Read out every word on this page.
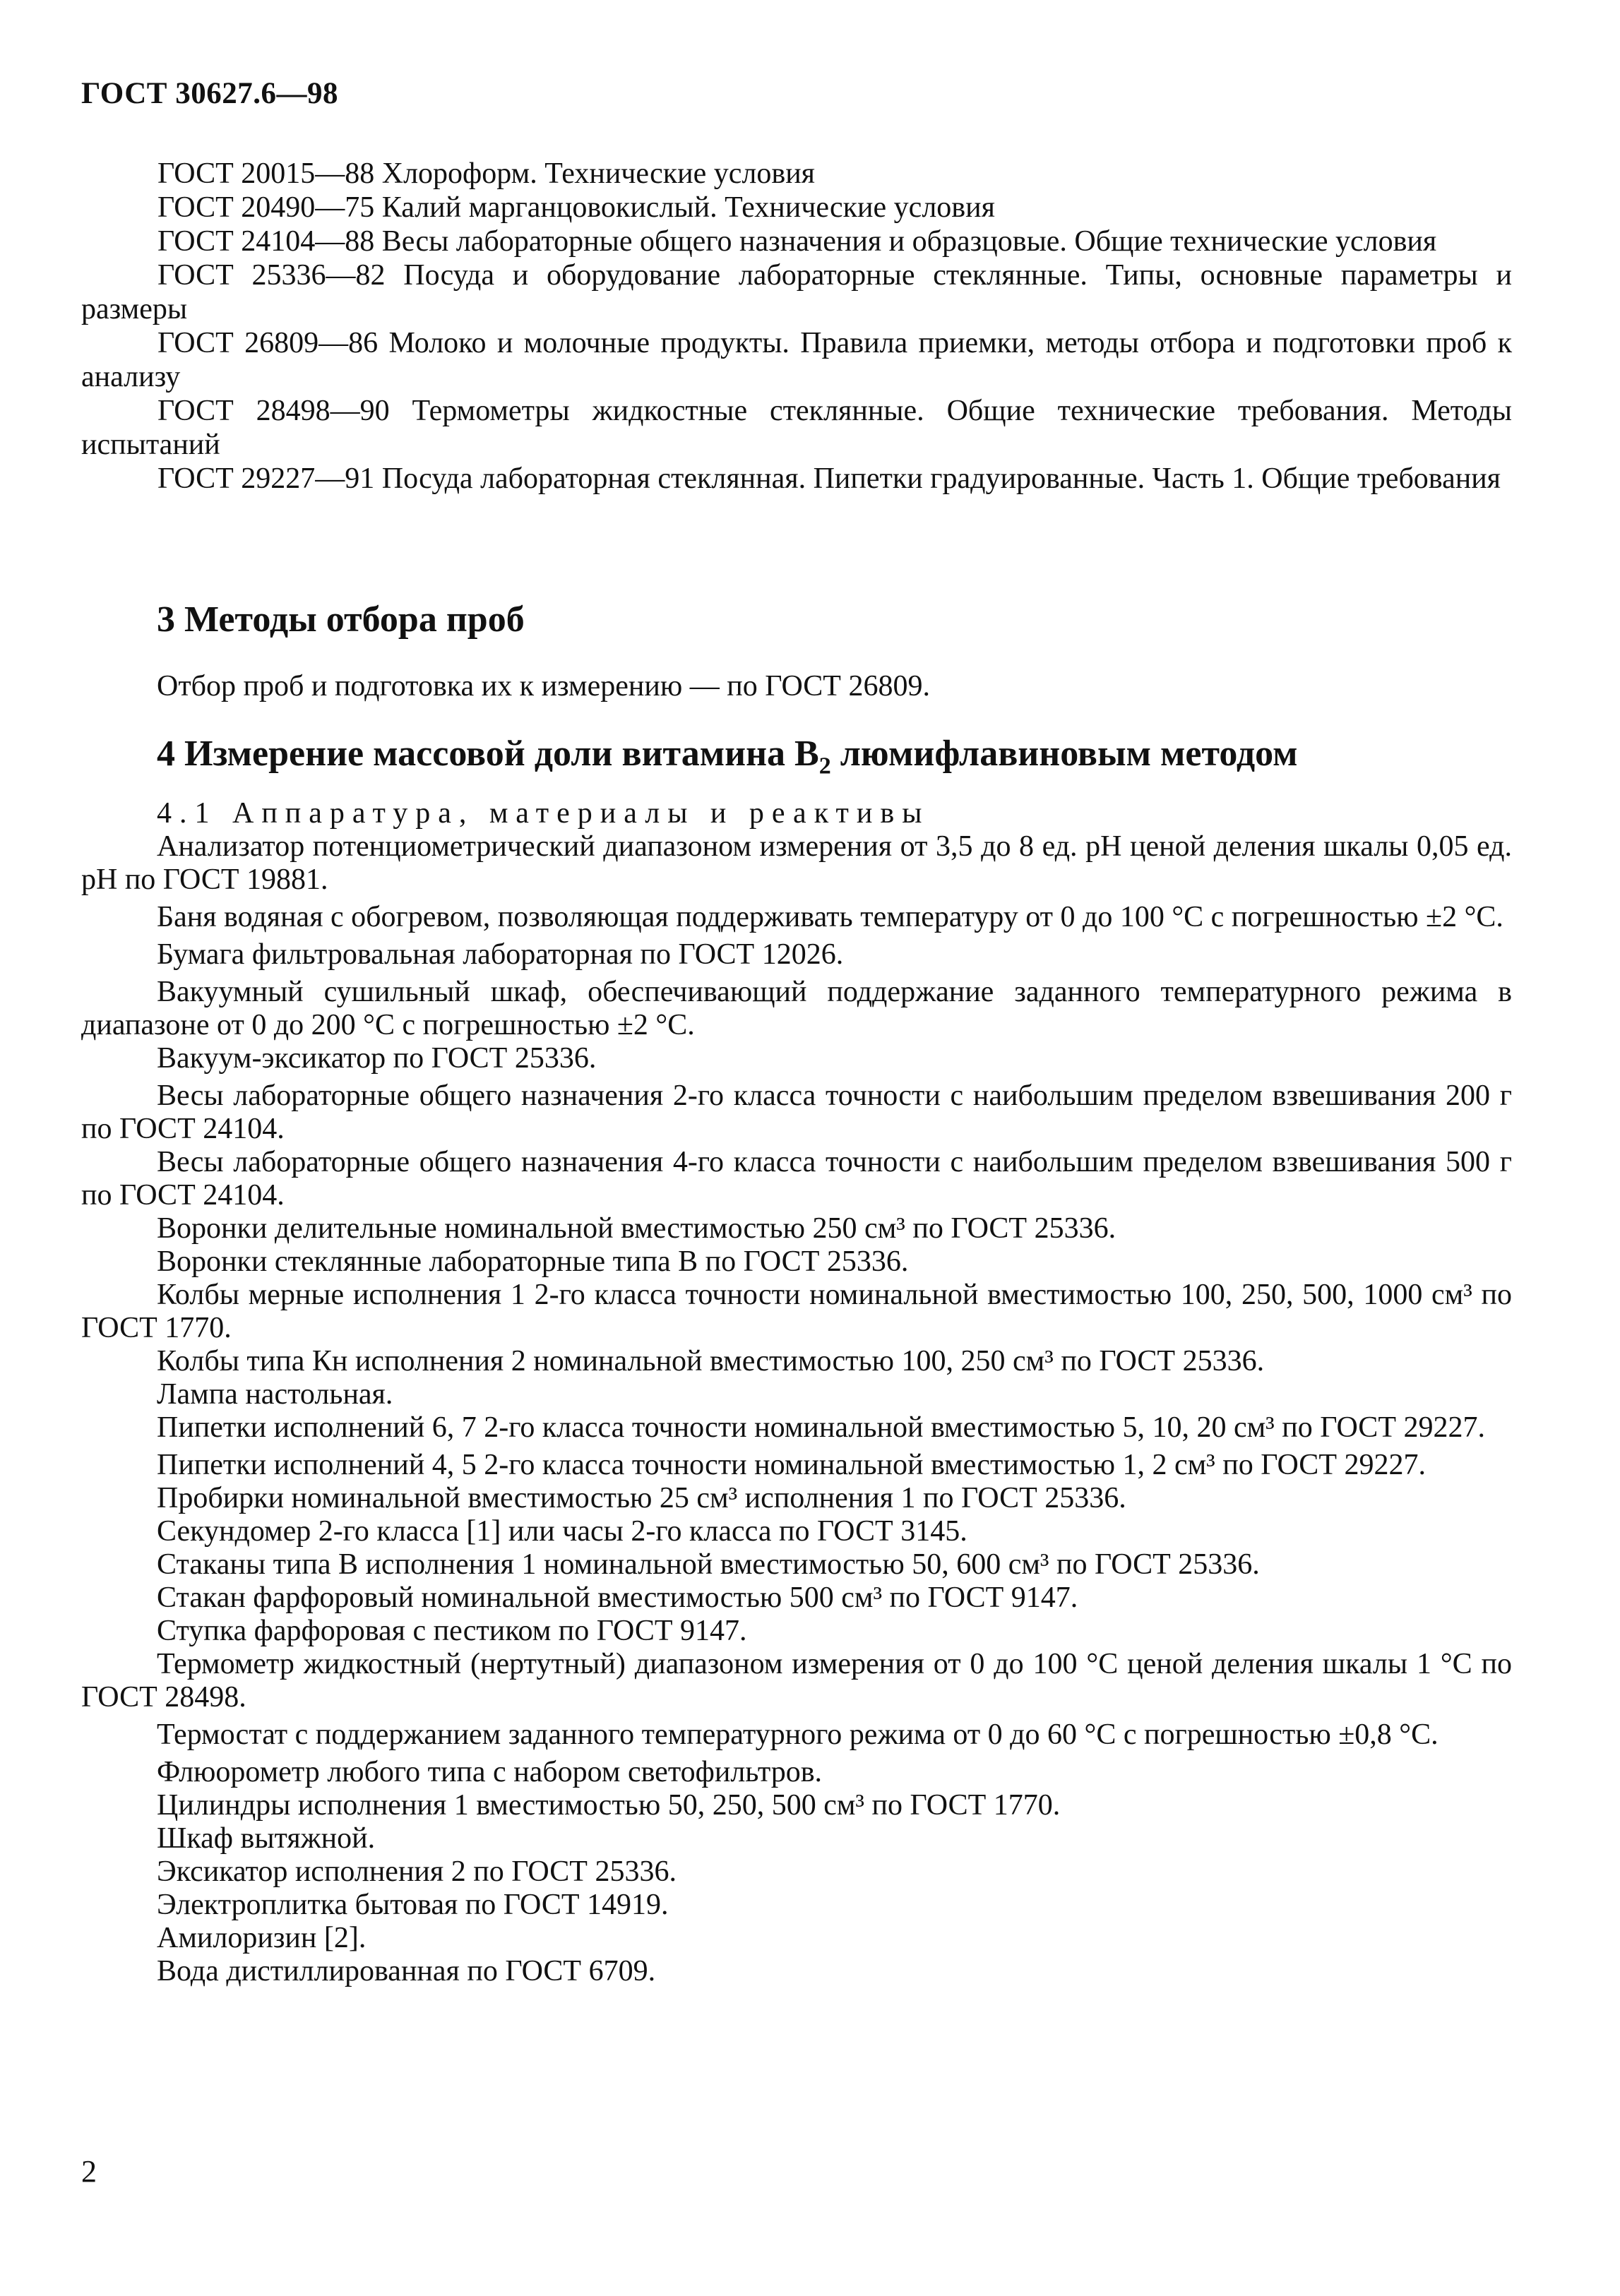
ГОСТ 30627.6—98

ГОСТ 20015—88 Хлороформ. Технические условия

ГОСТ 20490—75 Калий марганцовокислый. Технические условия

ГОСТ 24104—88 Весы лабораторные общего назначения и образцовые. Общие технические условия

ГОСТ 25336—82 Посуда и оборудование лабораторные стеклянные. Типы, основные параметры и размеры

ГОСТ 26809—86 Молоко и молочные продукты. Правила приемки, методы отбора и подготовки проб к анализу

ГОСТ 28498—90 Термометры жидкостные стеклянные. Общие технические требования. Методы испытаний

ГОСТ 29227—91 Посуда лабораторная стеклянная. Пипетки градуированные. Часть 1. Общие требования

3 Методы отбора проб
Отбор проб и подготовка их к измерению — по ГОСТ 26809.
4 Измерение массовой доли витамина $B_2$ люмифлавиновым методом
4.1 Аппаратура, материалы и реактивы

Анализатор потенциометрический диапазоном измерения от 3,5 до 8 ед. pH ценой деления шкалы 0,05 ед. pH по ГОСТ 19881.

Баня водяная с обогревом, позволяющая поддерживать температуру от 0 до 100 °С с погрешностью ±2 °С.

Бумага фильтровальная лабораторная по ГОСТ 12026.

Вакуумный сушильный шкаф, обеспечивающий поддержание заданного температурного режима в диапазоне от 0 до 200 °С с погрешностью ±2 °С.

Вакуум-эксикатор по ГОСТ 25336.

Весы лабораторные общего назначения 2-го класса точности с наибольшим пределом взвешивания 200 г по ГОСТ 24104.

Весы лабораторные общего назначения 4-го класса точности с наибольшим пределом взвешивания 500 г по ГОСТ 24104.

Воронки делительные номинальной вместимостью 250 см³ по ГОСТ 25336.

Воронки стеклянные лабораторные типа В по ГОСТ 25336.

Колбы мерные исполнения 1 2-го класса точности номинальной вместимостью 100, 250, 500, 1000 см³ по ГОСТ 1770.

Колбы типа Кн исполнения 2 номинальной вместимостью 100, 250 см³ по ГОСТ 25336.

Лампа настольная.

Пипетки исполнений 6, 7 2-го класса точности номинальной вместимостью 5, 10, 20 см³ по ГОСТ 29227.

Пипетки исполнений 4, 5 2-го класса точности номинальной вместимостью 1, 2 см³ по ГОСТ 29227.

Пробирки номинальной вместимостью 25 см³ исполнения 1 по ГОСТ 25336.

Секундомер 2-го класса [1] или часы 2-го класса по ГОСТ 3145.

Стаканы типа В исполнения 1 номинальной вместимостью 50, 600 см³ по ГОСТ 25336.

Стакан фарфоровый номинальной вместимостью 500 см³ по ГОСТ 9147.

Ступка фарфоровая с пестиком по ГОСТ 9147.

Термометр жидкостный (нертутный) диапазоном измерения от 0 до 100 °С ценой деления шкалы 1 °С по ГОСТ 28498.

Термостат с поддержанием заданного температурного режима от 0 до 60 °С с погрешностью ±0,8 °С.

Флюорометр любого типа с набором светофильтров.

Цилиндры исполнения 1 вместимостью 50, 250, 500 см³ по ГОСТ 1770.

Шкаф вытяжной.

Эксикатор исполнения 2 по ГОСТ 25336.

Электроплитка бытовая по ГОСТ 14919.

Амилоризин [2].

Вода дистиллированная по ГОСТ 6709.

2
